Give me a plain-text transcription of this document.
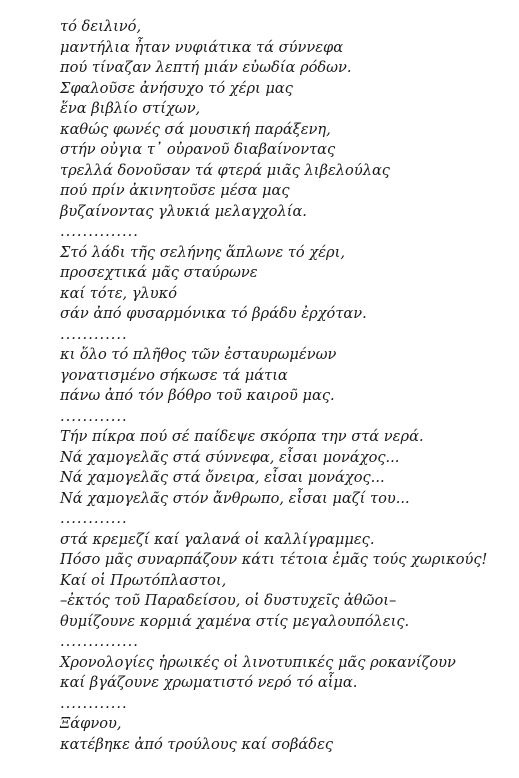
τό δειλινό,
μαντήλια ἦταν νυφιάτικα τά σύννεφα
πού τίναζαν λεπτή μιάν εὐωδία ρόδων.
Σφαλοῦσε ἀνήσυχο τό χέρι μας
ἕνα βιβλίο στίχων,
καθώς φωνές σά μουσική παράξενη,
στήν οὐγια τ᾽ οὐρανοῦ διαβαίνοντας
τρελλά δονοῦσαν τά φτερά μιᾶς λιβελούλας
πού πρίν ἀκινητοῦσε μέσα μας
βυζαίνοντας γλυκιά μελαγχολία.
..............
Στό λάδι τῆς σελήνης ἅπλωνε τό χέρι,
προσεχτικά μᾶς σταύρωνε
καί τότε, γλυκό
σάν ἀπό φυσαρμόνικα τό βράδυ ἐρχόταν.
............
κι ὅλο τό πλῆθος τῶν ἐσταυρωμένων
γονατισμένο σήκωσε τά μάτια
πάνω ἀπό τόν βόθρο τοῦ καιροῦ μας.
............
Τήν πίκρα πού σέ παίδεψε σκόρπα την στά νερά.
Νά χαμογελᾶς στά σύννεφα, εἶσαι μονάχος...
Νά χαμογελᾶς στά ὄνειρα, εἶσαι μονάχος...
Νά χαμογελᾶς στόν ἄνθρωπο, εἶσαι μαζί του...
............
στά κρεμεζί καί γαλανά οἱ καλλίγραμμες.
Πόσο μᾶς συναρπάζουν κάτι τέτοια ἐμᾶς τούς χωρικούς!
Καί οἱ Πρωτόπλαστοι,
–ἐκτός τοῦ Παραδείσου, οἱ δυστυχεῖς ἀθῶοι–
θυμίζουνε κορμιά χαμένα στίς μεγαλουπόλεις.
..............
Χρονολογίες ἡρωικές οἱ λινοτυπικές μᾶς ροκανίζουν
καί βγάζουνε χρωματιστό νερό τό αἷμα.
............
Ξάφνου,
κατέβηκε ἀπό τρούλους καί σοβάδες
